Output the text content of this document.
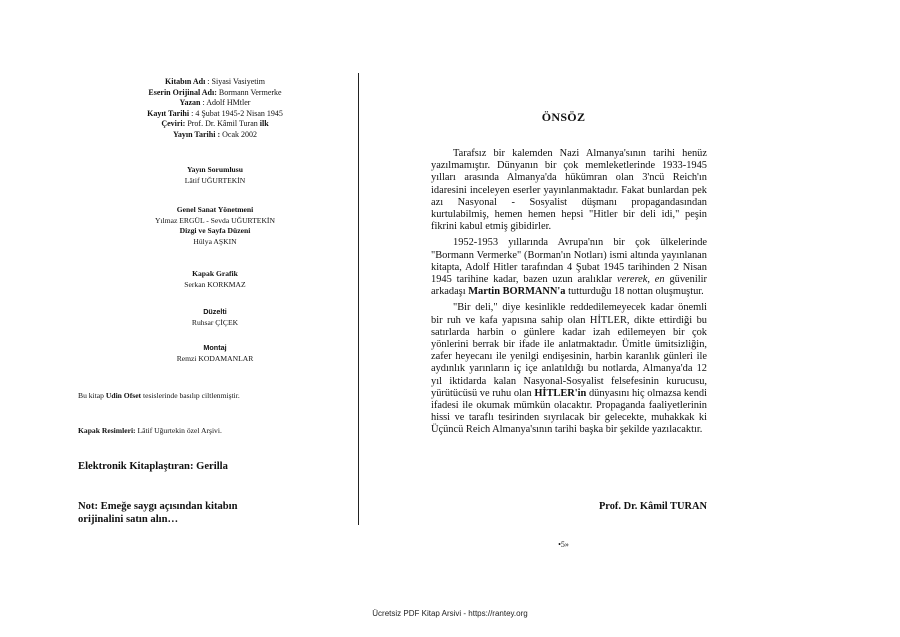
Kitabın Adı : Siyasi Vasiyetim
Eserin Orijinal Adı: Bormann Vermerke
Yazan : Adolf HMtler
Kayıt Tarihi : 4 Şubat 1945-2 Nisan 1945
Çeviri: Prof. Dr. Kâmil Turan ilk
Yayın Tarihi : Ocak 2002
Yayın Sorumlusu
Lâtif UĞURTEKİN
Genel Sanat Yönetmeni
Yılmaz ERGÜL - Sevda UĞURTEKİN
Dizgi ve Sayfa Düzeni
Hülya AŞKIN
Kapak Grafik
Serkan KORKMAZ
Düzelti
Ruhsar ÇİÇEK
Montaj
Remzi KODAMANLAR
Bu kitap Udin Ofset tesislerinde basılıp ciltlenmiştir.
Kapak Resimleri: Lâtif Uğurtekin özel Arşivi.
Elektronik Kitaplaştıran: Gerilla
Not: Emeğe saygı açısından kitabın
orijinalini satın alın…
ÖNSÖZ

Tarafsız bir kalemden Nazi Almanya'sının tarihi henüz yazılmamıştır. Dünyanın bir çok memleketlerinde 1933-1945 yılları arasında Almanya'da hükümran olan 3'ncü Reich'ın idaresini inceleyen eserler yayınlanmaktadır. Fakat bunlardan pek azı Nasyonal - Sosyalist düşmanı propagandasından kurtulabilmiş, hemen hemen hepsi "Hitler bir deli idi," peşin fikrini kabul etmiş gibidirler.

1952-1953 yıllarında Avrupa'nın bir çok ülkelerinde "Bormann Vermerke" (Borman'ın Notları) ismi altında yayınlanan kitapta, Adolf Hitler tarafından 4 Şubat 1945 tarihinden 2 Nisan 1945 tarihine kadar, bazen uzun aralıklar vererek, en güvenilir arkadaşı Martin BORMANN'a tutturduğu 18 nottan oluşmuştur.

"Bir deli," diye kesinlikle reddedilemeyecek kadar önemli bir ruh ve kafa yapısına sahip olan HİTLER, dikte ettirdiği bu satırlarda harbin o günlere kadar izah edilemeyen bir çok yönlerini berrak bir ifade ile anlatmaktadır. Ümitle ümitsizliğin, zafer heyecanı ile yenilgi endişesinin, harbin karanlık günleri ile aydınlık yarınların iç içe anlatıldığı bu notlarda, Almanya'da 12 yıl iktidarda kalan Nasyonal-Sosyalist felsefesinin kurucusu, yürütücüsü ve ruhu olan HİTLER'in dünyasını hiç olmazsa kendi ifadesi ile okumak mümkün olacaktır. Propaganda faaliyetlerinin hissi ve taraflı tesirinden sıyrılacak bir gelecekte, muhakkak ki Üçüncü Reich Almanya'sının tarihi başka bir şekilde yazılacaktır.

Prof. Dr. Kâmil TURAN
•5»
Ücretsiz PDF Kitap Arsivi - https://rantey.org
